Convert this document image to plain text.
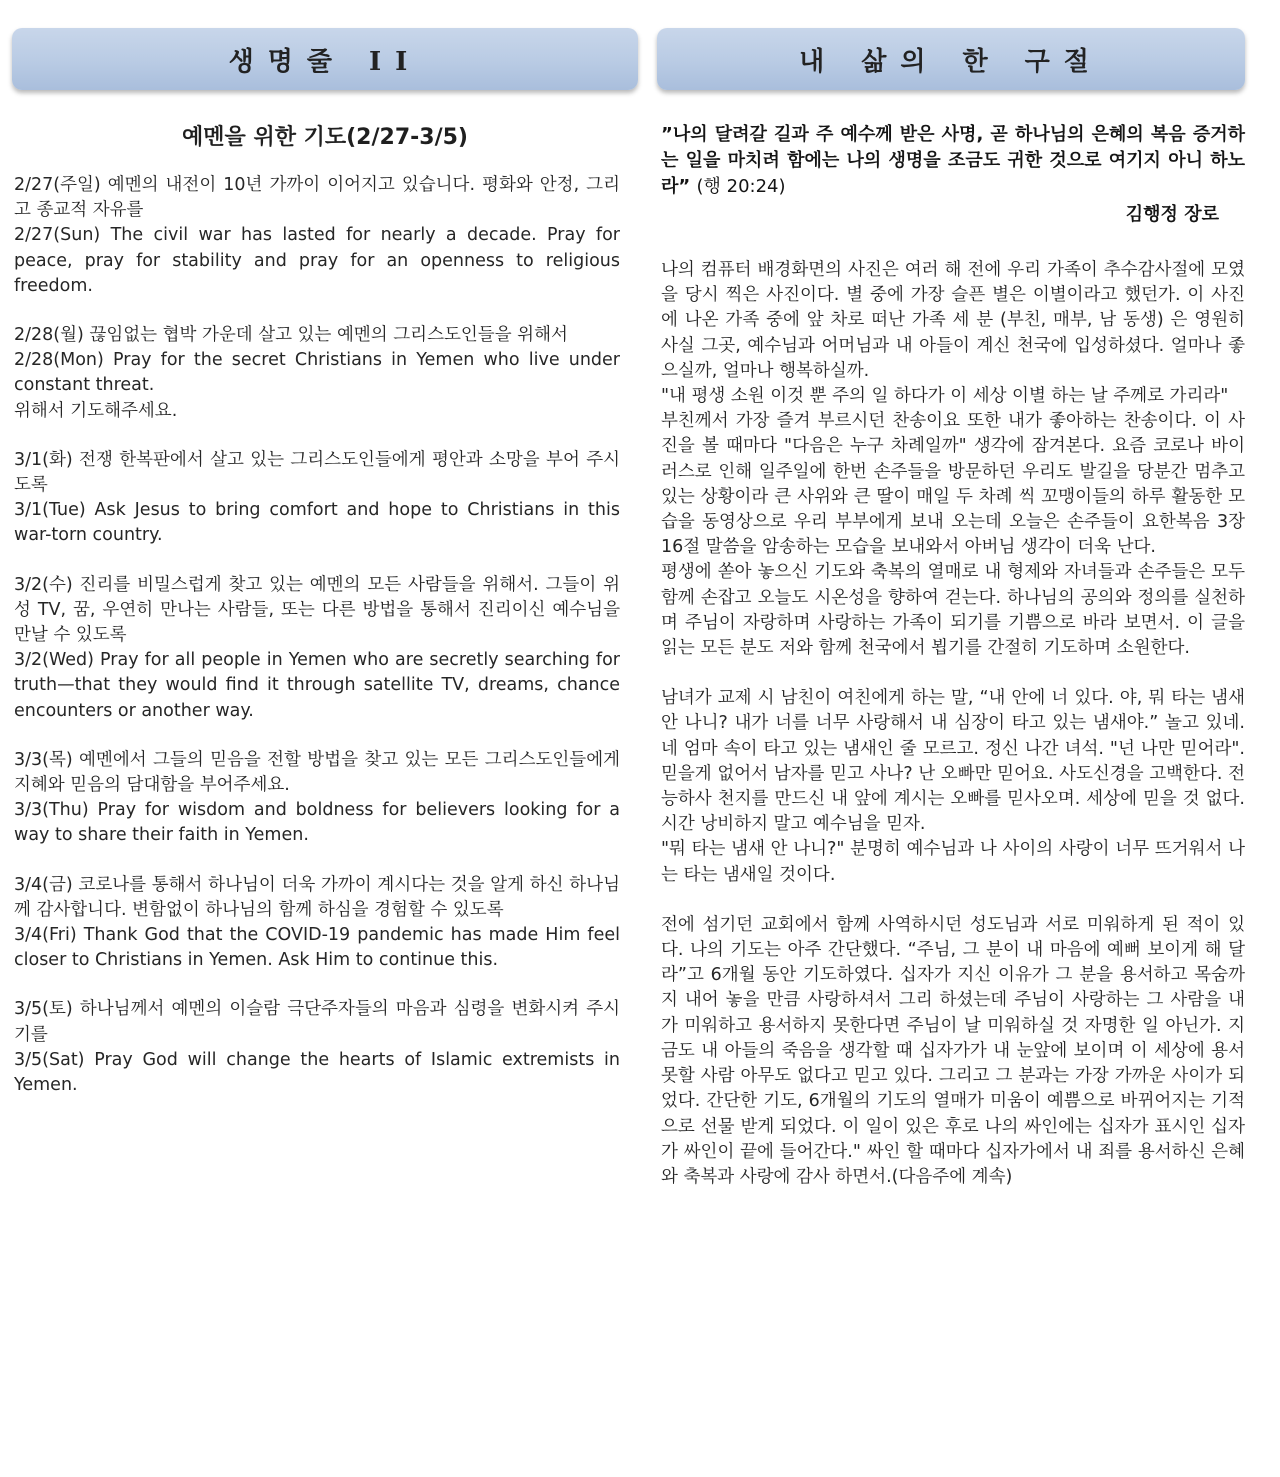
생명줄 II
예멘을 위한 기도(2/27-3/5)

2/27(주일) 예멘의 내전이 10년 가까이 이어지고 있습니다. 평화와 안정, 그리고 종교적 자유를

2/27(Sun) The civil war has lasted for nearly a decade. Pray for peace, pray for stability and pray for an openness to religious freedom.

2/28(월) 끊임없는 협박 가운데 살고 있는 예멘의 그리스도인들을 위해서

2/28(Mon) Pray for the secret Christians in Yemen who live under constant threat.

위해서 기도해주세요.

3/1(화) 전쟁 한복판에서 살고 있는 그리스도인들에게 평안과 소망을 부어 주시도록

3/1(Tue) Ask Jesus to bring comfort and hope to Christians in this war-torn country.

3/2(수) 진리를 비밀스럽게 찾고 있는 예멘의 모든 사람들을 위해서. 그들이 위성 TV, 꿈, 우연히 만나는 사람들, 또는 다른 방법을 통해서 진리이신 예수님을 만날 수 있도록

3/2(Wed) Pray for all people in Yemen who are secretly searching for truth—that they would find it through satellite TV, dreams, chance encounters or another way.

3/3(목) 예멘에서 그들의 믿음을 전할 방법을 찾고 있는 모든 그리스도인들에게 지혜와 믿음의 담대함을 부어주세요.

3/3(Thu) Pray for wisdom and boldness for believers looking for a way to share their faith in Yemen.

3/4(금) 코로나를 통해서 하나님이 더욱 가까이 계시다는 것을 알게 하신 하나님께 감사합니다. 변함없이 하나님의 함께 하심을 경험할 수 있도록

3/4(Fri) Thank God that the COVID-19 pandemic has made Him feel closer to Christians in Yemen. Ask Him to continue this.

3/5(토) 하나님께서 예멘의 이슬람 극단주자들의 마음과 심령을 변화시켜 주시기를

3/5(Sat) Pray God will change the hearts of Islamic extremists in Yemen.

내 삶의 한 구절
”나의 달려갈 길과 주 예수께 받은 사명, 곧 하나님의 은혜의 복음 증거하는 일을 마치려 함에는 나의 생명을 조금도 귀한 것으로 여기지 아니 하노라” (행 20:24)
김행정 장로

나의 컴퓨터 배경화면의 사진은 여러 해 전에 우리 가족이 추수감사절에 모였을 당시 찍은 사진이다. 별 중에 가장 슬픈 별은 이별이라고 했던가. 이 사진에 나온 가족 중에 앞 차로 떠난 가족 세 분 (부친, 매부, 남 동생) 은 영원히 사실 그곳, 예수님과 어머님과 내 아들이 계신 천국에 입성하셨다. 얼마나 좋으실까, 얼마나 행복하실까.

"내 평생 소원 이것 뿐 주의 일 하다가 이 세상 이별 하는 날 주께로 가리라"

부친께서 가장 즐겨 부르시던 찬송이요 또한 내가 좋아하는 찬송이다. 이 사진을 볼 때마다 "다음은 누구 차례일까" 생각에 잠겨본다. 요즘 코로나 바이러스로 인해 일주일에 한번 손주들을 방문하던 우리도 발길을 당분간 멈추고 있는 상황이라 큰 사위와 큰 딸이 매일 두 차례 씩 꼬맹이들의 하루 활동한 모습을 동영상으로 우리 부부에게 보내 오는데 오늘은 손주들이 요한복음 3장 16절 말씀을 암송하는 모습을 보내와서 아버님 생각이 더욱 난다.

평생에 쏟아 놓으신 기도와 축복의 열매로 내 형제와 자녀들과 손주들은 모두 함께 손잡고 오늘도 시온성을 향하여 걷는다. 하나님의 공의와 정의를 실천하며 주님이 자랑하며 사랑하는 가족이 되기를 기쁨으로 바라 보면서. 이 글을 읽는 모든 분도 저와 함께 천국에서 뵙기를 간절히 기도하며 소원한다.

남녀가 교제 시 남친이 여친에게 하는 말, “내 안에 너 있다. 야, 뭐 타는 냄새 안 나니? 내가 너를 너무 사랑해서 내 심장이 타고 있는 냄새야.” 놀고 있네. 네 엄마 속이 타고 있는 냄새인 줄 모르고. 정신 나간 녀석. "넌 나만 믿어라". 믿을게 없어서 남자를 믿고 사나? 난 오빠만 믿어요. 사도신경을 고백한다. 전능하사 천지를 만드신 내 앞에 계시는 오빠를 믿사오며. 세상에 믿을 것 없다. 시간 낭비하지 말고 예수님을 믿자.

"뭐 타는 냄새 안 나니?" 분명히 예수님과 나 사이의 사랑이 너무 뜨거워서 나는 타는 냄새일 것이다.

전에 섬기던 교회에서 함께 사역하시던 성도님과 서로 미워하게 된 적이 있다. 나의 기도는 아주 간단했다. “주님, 그 분이 내 마음에 예뻐 보이게 해 달라”고 6개월 동안 기도하였다. 십자가 지신 이유가 그 분을 용서하고 목숨까지 내어 놓을 만큼 사랑하셔서 그리 하셨는데 주님이 사랑하는 그 사람을 내가 미워하고 용서하지 못한다면 주님이 날 미워하실 것 자명한 일 아닌가. 지금도 내 아들의 죽음을 생각할 때 십자가가 내 눈앞에 보이며 이 세상에 용서 못할 사람 아무도 없다고 믿고 있다. 그리고 그 분과는 가장 가까운 사이가 되었다. 간단한 기도, 6개월의 기도의 열매가 미움이 예쁨으로 바뀌어지는 기적으로 선물 받게 되었다. 이 일이 있은 후로 나의 싸인에는 십자가 표시인 십자가 싸인이 끝에 들어간다." 싸인 할 때마다 십자가에서 내 죄를 용서하신 은혜와 축복과 사랑에 감사 하면서.(다음주에 계속)
